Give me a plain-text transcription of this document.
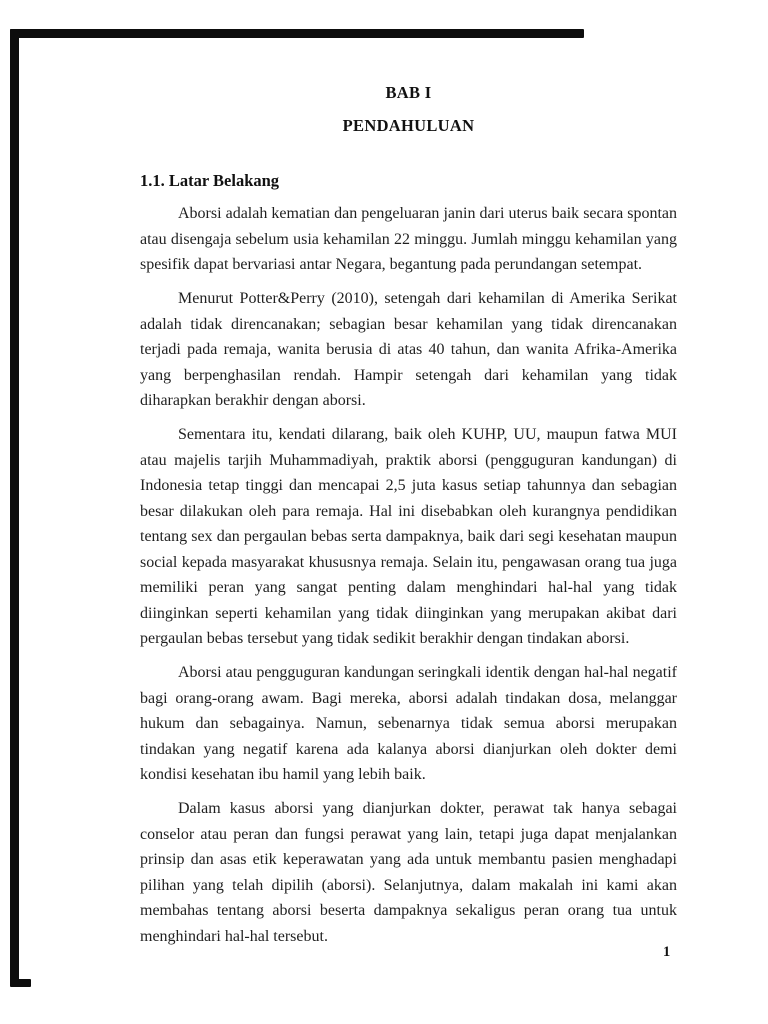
BAB I
PENDAHULUAN
1.1. Latar Belakang

Aborsi adalah kematian dan pengeluaran janin dari uterus baik secara spontan atau disengaja sebelum usia kehamilan 22 minggu. Jumlah minggu kehamilan yang spesifik dapat bervariasi antar Negara, begantung pada perundangan setempat.

Menurut Potter&Perry (2010), setengah dari kehamilan di Amerika Serikat adalah tidak direncanakan; sebagian besar kehamilan yang tidak direncanakan terjadi pada remaja, wanita berusia di atas 40 tahun, dan wanita Afrika-Amerika yang berpenghasilan rendah. Hampir setengah dari kehamilan yang tidak diharapkan berakhir dengan aborsi.

Sementara itu, kendati dilarang, baik oleh KUHP, UU, maupun fatwa MUI atau majelis tarjih Muhammadiyah, praktik aborsi (pengguguran kandungan) di Indonesia tetap tinggi dan mencapai 2,5 juta kasus setiap tahunnya dan sebagian besar dilakukan oleh para remaja. Hal ini disebabkan oleh kurangnya pendidikan tentang sex dan pergaulan bebas serta dampaknya, baik dari segi kesehatan maupun social kepada masyarakat khususnya remaja. Selain itu, pengawasan orang tua juga memiliki peran yang sangat penting dalam menghindari hal-hal yang tidak diinginkan seperti kehamilan yang tidak diinginkan yang merupakan akibat dari pergaulan bebas tersebut yang tidak sedikit berakhir dengan tindakan aborsi.

Aborsi atau pengguguran kandungan seringkali identik dengan hal-hal negatif bagi orang-orang awam. Bagi mereka, aborsi adalah tindakan dosa, melanggar hukum dan sebagainya. Namun, sebenarnya tidak semua aborsi merupakan tindakan yang negatif karena ada kalanya aborsi dianjurkan oleh dokter demi kondisi kesehatan ibu hamil yang lebih baik.

Dalam kasus aborsi yang dianjurkan dokter, perawat tak hanya sebagai conselor atau peran dan fungsi perawat yang lain, tetapi juga dapat menjalankan prinsip dan asas etik keperawatan yang ada untuk membantu pasien menghadapi pilihan yang telah dipilih (aborsi). Selanjutnya, dalam makalah ini kami akan membahas tentang aborsi beserta dampaknya sekaligus peran orang tua untuk menghindari hal-hal tersebut.

1
